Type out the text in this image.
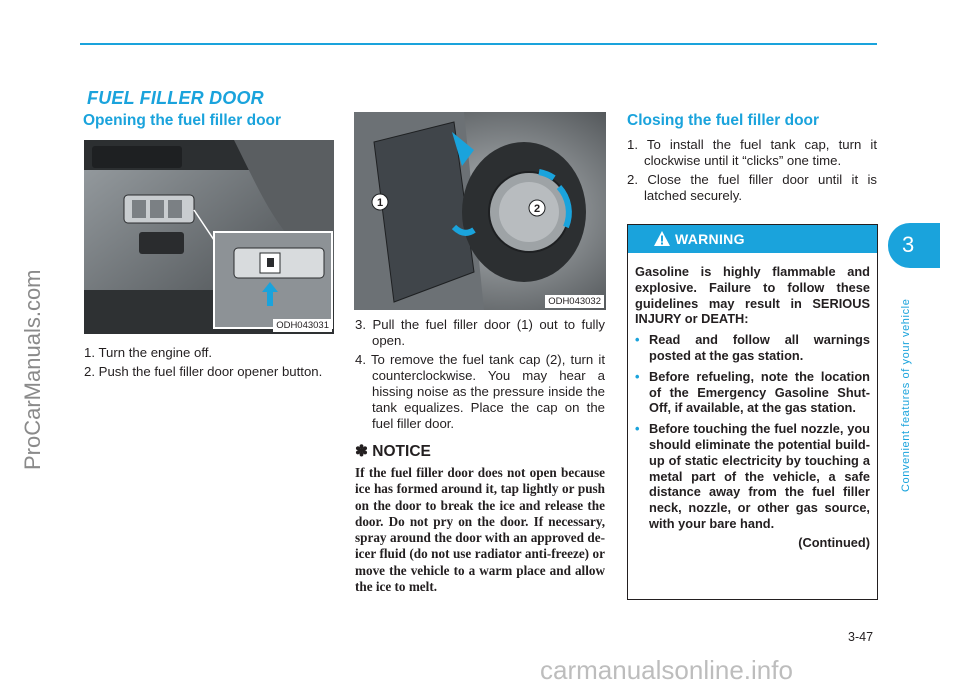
FUEL FILLER DOOR
Opening the fuel filler door
ODH043031
1. Turn the engine off.
2. Push the fuel filler door opener button.
1	2
ODH043032
3. Pull the fuel filler door (1) out to fully open.
4. To remove the fuel tank cap (2), turn it counterclockwise. You may hear a hissing noise as the pressure inside the tank equalizes. Place the cap on the fuel filler door.
✽ NOTICE
If the fuel filler door does not open because ice has formed around it, tap lightly or push on the door to break the ice and release the door. Do not pry on the door. If necessary, spray around the door with an approved de-icer fluid (do not use radiator anti-freeze) or move the vehicle to a warm place and allow the ice to melt.
Closing the fuel filler door
1. To install the fuel tank cap, turn it clockwise until it “clicks” one time.
2. Close the fuel filler door until it is latched securely.
WARNING
Gasoline is highly flammable and explosive. Failure to follow these guidelines may result in SERIOUS INJURY or DEATH:
• Read and follow all warnings posted at the gas station.
• Before refueling, note the location of the Emergency Gasoline Shut-Off, if available, at the gas station.
• Before touching the fuel nozzle, you should eliminate the potential build-up of static electricity by touching a metal part of the vehicle, a safe distance away from the fuel filler neck, nozzle, or other gas source, with your bare hand.
(Continued)
3
Convenient features of your vehicle
ProCarManuals.com
carmanualsonline.info
3-47
